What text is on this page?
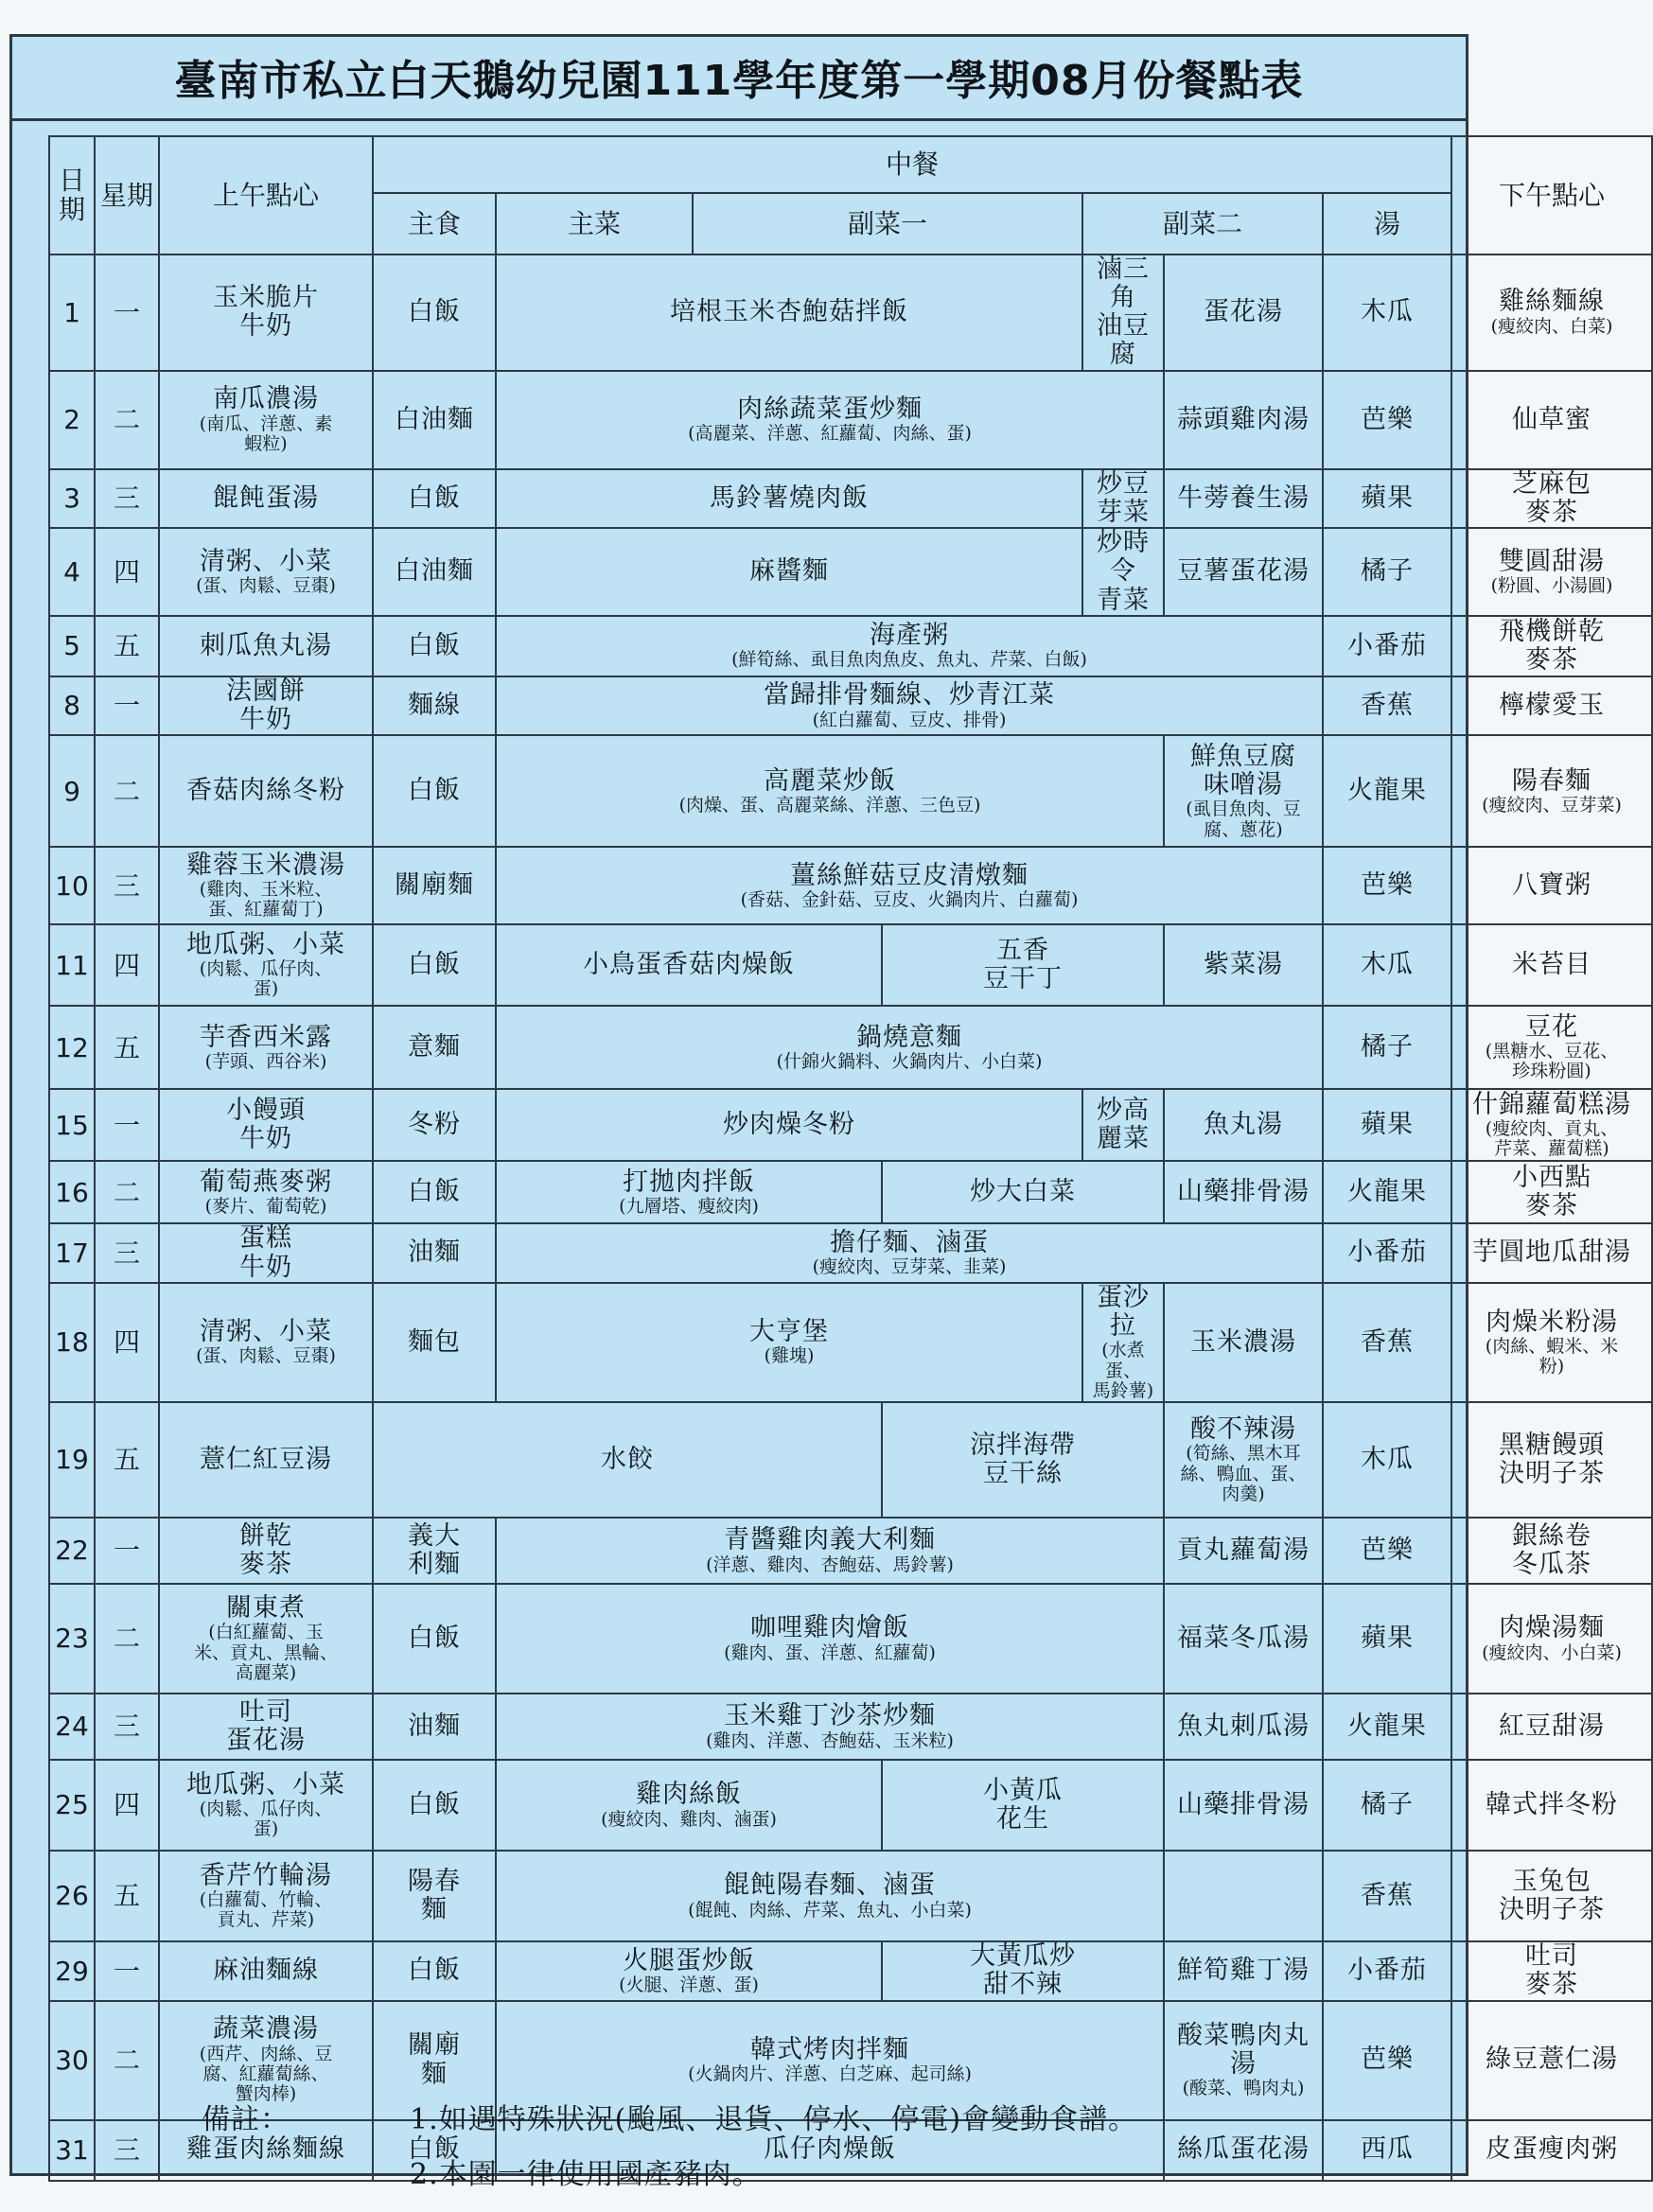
臺南市私立白天鵝幼兒園111學年度第一學期08月份餐點表
日期	星期	上午點心	中餐							下午點心	
			主食	主菜	副菜一		副菜二		湯	
1	一	玉米脆片
牛奶	白飯	培根玉米杏鮑菇拌飯			滷三角
油豆腐	蛋花湯	木瓜	雞絲麵線
(瘦絞肉、白菜)	

2	二	南瓜濃湯
(南瓜、洋蔥、素
蝦粒)	白油麵	肉絲蔬菜蛋炒麵
(高麗菜、洋蔥、紅蘿蔔、肉絲、蛋)				蒜頭雞肉湯	芭樂	仙草蜜	

3	三	餛飩蛋湯	白飯	馬鈴薯燒肉飯			炒豆芽菜	牛蒡養生湯	蘋果	芝麻包
麥茶	

4	四	清粥、小菜
(蛋、肉鬆、豆棗)	白油麵	麻醬麵			炒時令
青菜	豆薯蛋花湯	橘子	雙圓甜湯
(粉圓、小湯圓)	

5	五	刺瓜魚丸湯	白飯	海產粥
(鮮筍絲、虱目魚肉魚皮、魚丸、芹菜、白飯)					小番茄	飛機餅乾
麥茶	

8	一	法國餅
牛奶	麵線	當歸排骨麵線、炒青江菜
(紅白蘿蔔、豆皮、排骨)					香蕉	檸檬愛玉	

9	二	香菇肉絲冬粉	白飯	高麗菜炒飯
(肉燥、蛋、高麗菜絲、洋蔥、三色豆)				鮮魚豆腐
味噌湯
(虱目魚肉、豆
腐、蔥花)	火龍果	陽春麵
(瘦絞肉、豆芽菜)	

10	三	雞蓉玉米濃湯
(雞肉、玉米粒、
蛋、紅蘿蔔丁)	關廟麵	薑絲鮮菇豆皮清燉麵
(香菇、金針菇、豆皮、火鍋肉片、白蘿蔔)					芭樂	八寶粥	

11	四	地瓜粥、小菜
(肉鬆、瓜仔肉、
蛋)	白飯	小鳥蛋香菇肉燥飯		五香
豆干丁		紫菜湯	木瓜	米苔目	

12	五	芋香西米露
(芋頭、西谷米)	意麵	鍋燒意麵
(什錦火鍋料、火鍋肉片、小白菜)					橘子	豆花
(黑糖水、豆花、
珍珠粉圓)	

15	一	小饅頭
牛奶	冬粉	炒肉燥冬粉			炒高麗菜	魚丸湯	蘋果	什錦蘿蔔糕湯
(瘦絞肉、貢丸、
芹菜、蘿蔔糕)	

16	二	葡萄燕麥粥
(麥片、葡萄乾)	白飯	打拋肉拌飯
(九層塔、瘦絞肉)		炒大白菜		山藥排骨湯	火龍果	小西點
麥茶	

17	三	蛋糕
牛奶	油麵	擔仔麵、滷蛋
(瘦絞肉、豆芽菜、韭菜)					小番茄	芋圓地瓜甜湯	

18	四	清粥、小菜
(蛋、肉鬆、豆棗)	麵包	大亨堡
(雞塊)			蛋沙拉
(水煮蛋、
馬鈴薯)	玉米濃湯	香蕉	肉燥米粉湯
(肉絲、蝦米、米
粉)	

19	五	薏仁紅豆湯	水餃			涼拌海帶
豆干絲		酸不辣湯
(筍絲、黑木耳
絲、鴨血、蛋、
肉羹)	木瓜	黑糖饅頭
決明子茶	

22	一	餅乾
麥茶	義大
利麵	青醬雞肉義大利麵
(洋蔥、雞肉、杏鮑菇、馬鈴薯)				貢丸蘿蔔湯	芭樂	銀絲卷
冬瓜茶	

23	二	關東煮
(白紅蘿蔔、玉
米、貢丸、黑輪、
高麗菜)	白飯	咖哩雞肉燴飯
(雞肉、蛋、洋蔥、紅蘿蔔)				福菜冬瓜湯	蘋果	肉燥湯麵
(瘦絞肉、小白菜)	

24	三	吐司
蛋花湯	油麵	玉米雞丁沙茶炒麵
(雞肉、洋蔥、杏鮑菇、玉米粒)				魚丸刺瓜湯	火龍果	紅豆甜湯	

25	四	地瓜粥、小菜
(肉鬆、瓜仔肉、
蛋)	白飯	雞肉絲飯
(瘦絞肉、雞肉、滷蛋)		小黃瓜
花生		山藥排骨湯	橘子	韓式拌冬粉	

26	五	香芹竹輪湯
(白蘿蔔、竹輪、
貢丸、芹菜)	陽春
麵	餛飩陽春麵、滷蛋
(餛飩、肉絲、芹菜、魚丸、小白菜)					香蕉	玉兔包
決明子茶	

29	一	麻油麵線	白飯	火腿蛋炒飯
(火腿、洋蔥、蛋)		大黃瓜炒
甜不辣		鮮筍雞丁湯	小番茄	吐司
麥茶	

30	二	蔬菜濃湯
(西芹、肉絲、豆
腐、紅蘿蔔絲、
蟹肉棒)	關廟
麵	韓式烤肉拌麵
(火鍋肉片、洋蔥、白芝麻、起司絲)				酸菜鴨肉丸
湯
(酸菜、鴨肉丸)	芭樂	綠豆薏仁湯	

31	三	雞蛋肉絲麵線	白飯	瓜仔肉燥飯				絲瓜蛋花湯	西瓜	皮蛋瘦肉粥	
備註：	1.如遇特殊狀況(颱風、退貨、停水、停電)會變動食譜。
2.本園一律使用國產豬肉。
